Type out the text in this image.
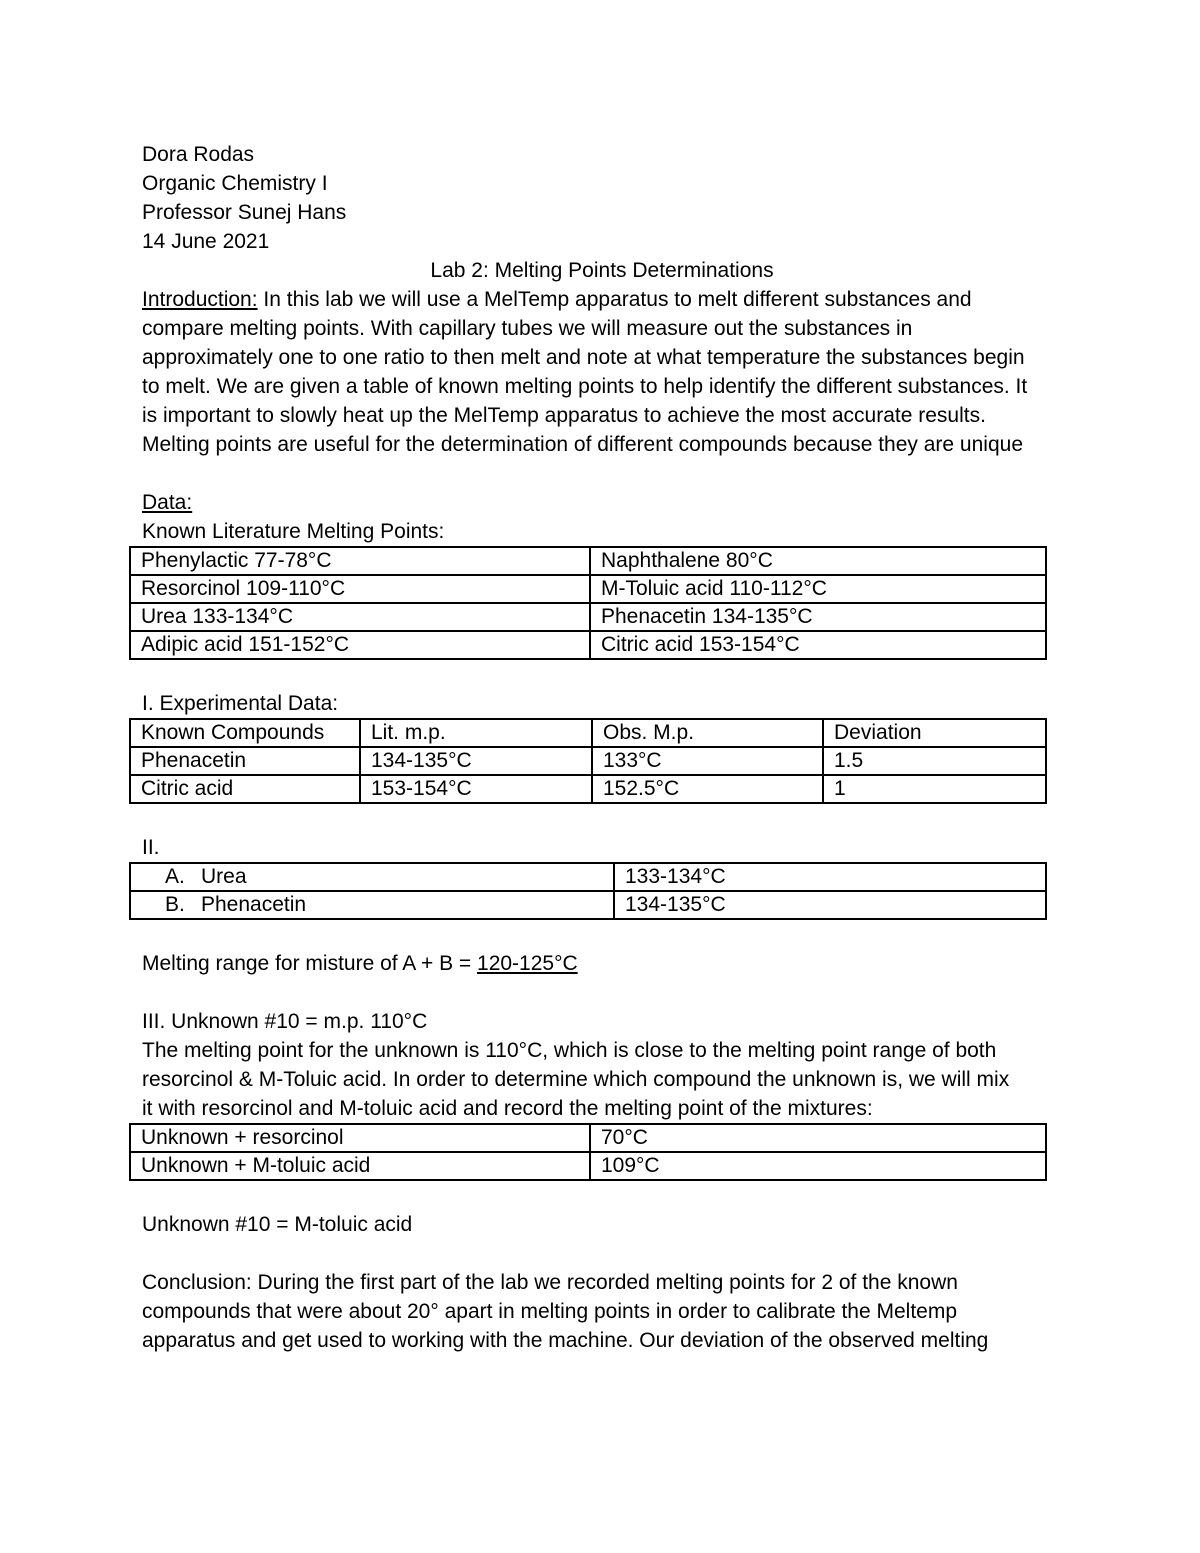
Dora Rodas
Organic Chemistry I
Professor Sunej Hans
14 June 2021
Lab 2: Melting Points Determinations
Introduction: In this lab we will use a MelTemp apparatus to melt different substances and compare melting points. With capillary tubes we will measure out the substances in approximately one to one ratio to then melt and note at what temperature the substances begin to melt. We are given a table of known melting points to help identify the different substances. It is important to slowly heat up the MelTemp apparatus to achieve the most accurate results. Melting points are useful for the determination of different compounds because they are unique
Data:
Known Literature Melting Points:
Phenylactic 77-78°C	Naphthalene 80°C
Resorcinol 109-110°C	M-Toluic acid 110-112°C
Urea 133-134°C	Phenacetin 134-135°C
Adipic acid 151-152°C	Citric acid 153-154°C
I. Experimental Data:
Known Compounds	Lit. m.p.	Obs. M.p.	Deviation
Phenacetin	134-135°C	133°C	1.5
Citric acid	153-154°C	152.5°C	1
II.
A. Urea	133-134°C
B. Phenacetin	134-135°C
Melting range for misture of A + B = 120-125°C
III. Unknown #10 = m.p. 110°C
The melting point for the unknown is 110°C, which is close to the melting point range of both
resorcinol & M-Toluic acid. In order to determine which compound the unknown is, we will mix
it with resorcinol and M-toluic acid and record the melting point of the mixtures:
Unknown + resorcinol	70°C
Unknown + M-toluic acid	109°C
Unknown #10 = M-toluic acid
Conclusion: During the first part of the lab we recorded melting points for 2 of the known
compounds that were about 20° apart in melting points in order to calibrate the Meltemp
apparatus and get used to working with the machine. Our deviation of the observed melting
